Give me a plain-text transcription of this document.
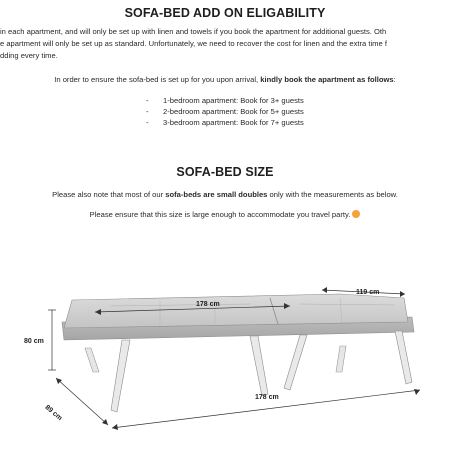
SOFA-BED ADD ON ELIGABILITY

in each apartment, and will only be set up with linen and towels if you book the apartment for additional guests. Oth

e apartment will only be set up as standard. Unfortunately, we need to recover the cost for linen and the extra time f

dding every time.

In order to ensure the sofa-bed is set up for you upon arrival, kindly book the apartment as follows:

- 1-bedroom apartment: Book for 3+ guests
- 2-bedroom apartment: Book for 5+ guests
- 3-bedroom apartment: Book for 7+ guests
SOFA-BED SIZE

Please also note that most of our sofa-beds are small doubles only with the measurements as below.

Please ensure that this size is large enough to accommodate you travel party.

178 cm
119 cm
80 cm
89 cm
178 cm
